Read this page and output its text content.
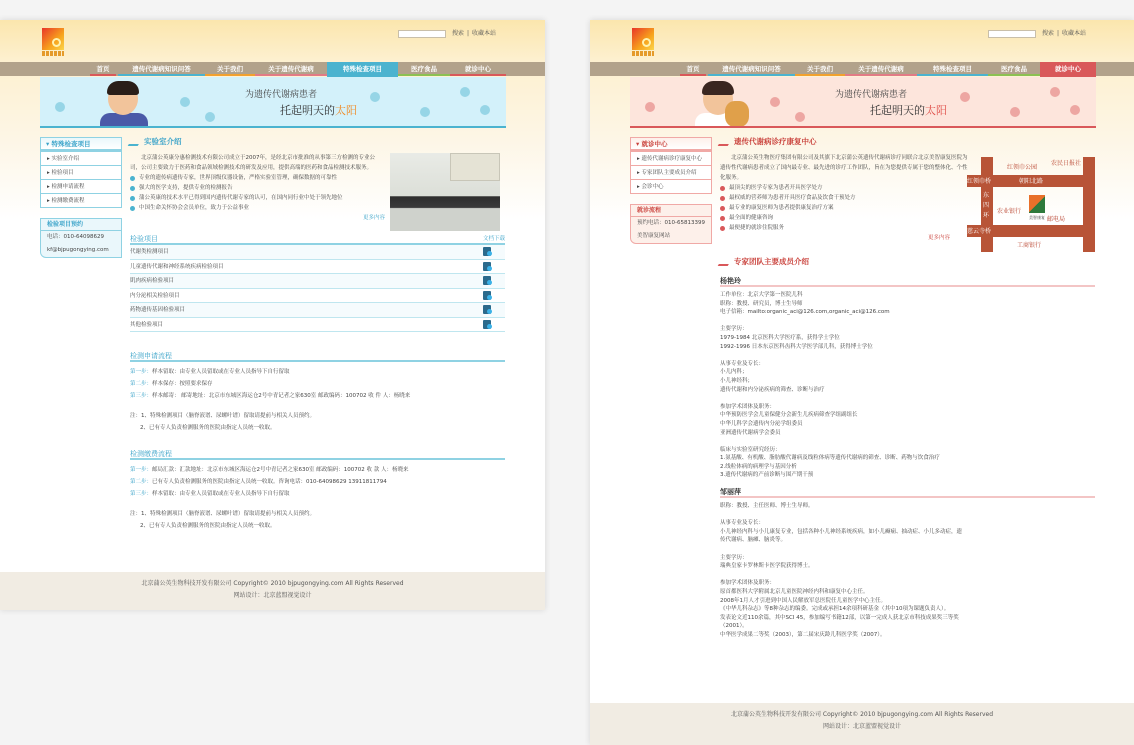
搜索 | 收藏本站
首页	遗传代谢病知识问答	关于我们	关于遗传代谢病	特殊检查项目	医疗食品	就诊中心
为遗传代谢病患者
托起明天的太阳
▾ 特殊检查项目
▸ 实验室介绍
▸ 检验项目
▸ 检测申请流程
▸ 检测缴费流程
检验项目预约
电话：010-64098629
kf@bjpugongying.com
实验室介绍
北京蒲公英康分惠检测技术有限公司成立于2007年，是经北京市批准的从事第三方检测的专业公司，公司主要致力于医药和食品领域检测技术的研发及应用，提供高端的医药和食品检测技术服务。
专业的遗传病遗传专家，世界顶级仪器设备，严格实验室管理，确保数据的可靠性
强大的医学支持，提供专业的检测报告
蒲公英康的技术水平已得到国内遗传代谢专家的认可，在国内同行业中处于领先地位
中国生命关怀协会会员单位，致力于公益事业
更多内容
检验项目	文档下载
代谢类检测项目
儿童遗传代谢和神经系统疾病检验项目
肌肉疾病检验项目
内分泌相关检验项目
药物遗传基因检验项目
其他检验项目
检测申请流程
第一步：样本留取：由专业人员留取或在专业人员指导下自行留取
第二步：样本保存：按照要求保存
第三步：样本邮寄： 邮寄地址：北京市东城区海运仓2号中青记者之家630室 邮政编码：100702 收 件 人：杨晓来
注：1、特殊检测项目（脑脊液谱、尿螺叶谱）留取请提前与相关人员预约。
2、已有专人负责检测服务的医院由指定人员统一收取。
检测缴费流程
第一步：邮局汇款：汇款地址：北京市东城区海运仓2号中青记者之家630室 邮政编码：100702 收 款 人：杨晓来
第二步：已有专人负责检测服务的医院由指定人员统一收取。咨询电话：010-64098629 13911811794
第三步：样本留取：由专业人员留取或在专业人员指导下自行留取
注：1、特殊检测项目（脑脊液谱、尿螺叶谱）留取请提前与相关人员预约。
2、已有专人负责检测服务的医院由指定人员统一收取。
北京蒲公英生物科技开发有限公司 Copyright© 2010 bjpugongying.com All Rights Reserved
网站设计：北京蓝盟视觉设计
搜索 | 收藏本站
首页	遗传代谢病知识问答	关于我们	关于遗传代谢病	特殊检查项目	医疗食品	就诊中心
为遗传代谢病患者
托起明天的太阳
▾ 就诊中心
▸ 遗传代谢病诊疗康复中心
▸ 专家团队主要成员介绍
▸ 会诊中心
就诊流程
预约电话：010-65813399
美智康复网站
遗传代谢病诊疗康复中心
北京蒲公英生物医疗集团有限公司及其旗下北京蒲公英遗传代谢病诊疗同联合北京美智康复医院为遗传性代谢病患者成立了国内最专业、最先进的诊疗工作团队，旨在为您提供专属于您的整体化、个性化服务。
最顶尖的医学专家为患者开具医学处方
最权威的营养师为患者开具医疗食品及饮食干预处方
最专业的康复医师为患者提供康复治疗方案
最全面的健康咨询
最便捷的就诊住院服务
更多内容
红领巾桥	朝阳北路
东
四
环
慈云寺桥
红领巾公园
农民日报社
农业银行
美智康复 邮电局
工商银行
专家团队主要成员介绍
杨艳玲
工作单位：北京大学第一医院儿科
职称：教授、研究员，博士生导师
电子信箱：mailto:organic_aci@126.com,organic_aci@126.com
主要学历：
1979-1984 北京医科大学医疗系，获得学士学位
1992-1996 日本东京医科齿科大学医学部儿科，获得博士学位
从事专业及专长：
小儿内科；
小儿神经科；
遗传代谢和内分泌疾病的筛查、诊断与治疗
参加学术团体及职务：
中华预防医学会儿童保健分会新生儿疾病筛查学组副组长
中华儿科学会遗传内分泌学组委员
亚洲遗传代谢病学会委员
临床与实验室研究经历：
1.氨基酸、有机酸、脂肪酸代谢病及线粒体病等遗传代谢病的筛查、诊断、药物与饮食治疗
2.线粒体病的病理学与基因分析
3.遗传代谢病的产前诊断与围产期干预
邹丽萍
职称：教授、主任医师、博士生导师。
从事专业及专长：
小儿神经内科与小儿康复专业，包括各种小儿神经系统疾病，如小儿癫痫、抽动症、小儿多动症，遗
传代谢病、脑瘫、脑炎等。
主要学历：
瑞典皇家卡罗林斯卡医学院获得博士。
参加学术团体及职务：
原首都医科大学附属北京儿童医院神经内科和康复中心主任。
2008年1月人才引进到中国人民解放军总医院任儿童医学中心主任。
《中华儿科杂志》等8种杂志的编委。完成或承担14余项科研基金（其中10项为课题负责人）。
发表论文近110余篇，其中SCI 45，参加编写书籍12部，以第一完成人获北京市科技成果奖三等奖
（2001）。
中华医学成果二等奖（2003），第二届宋庆龄儿科医学奖（2007）。
北京蒲公英生物科技开发有限公司 Copyright© 2010 bjpugongying.com All Rights Reserved
网站设计：北京蓝盟视觉设计
